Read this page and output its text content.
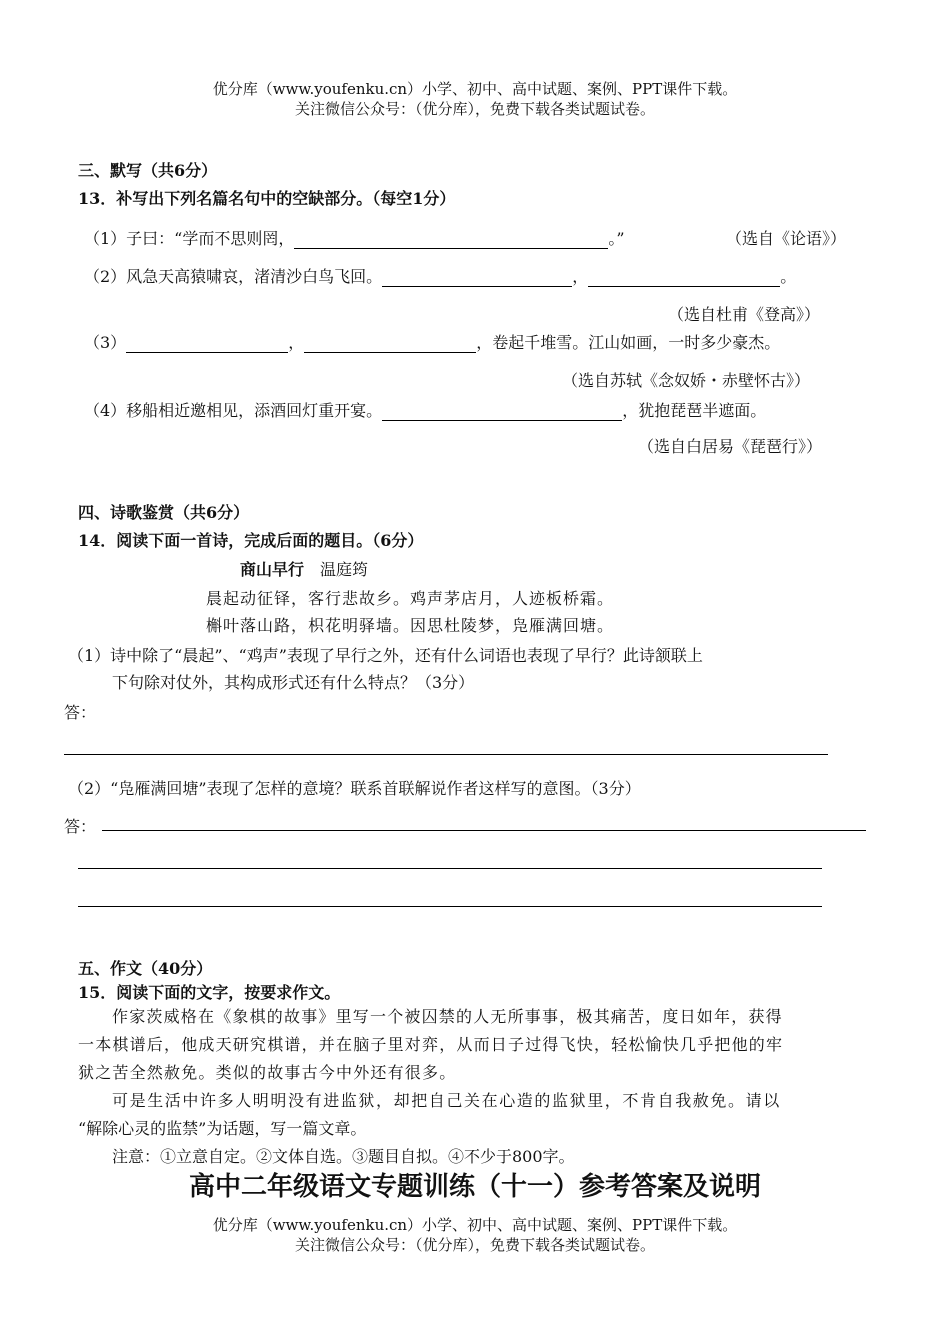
优分库（www.youfenku.cn）小学、初中、高中试题、案例、PPT课件下载。
关注微信公众号：（优分库），免费下载各类试题试卷。
三、默写（共6分）
13．补写出下列名篇名句中的空缺部分。（每空1分）
（1）子曰：“学而不思则罔，	。”	（选自《论语》）
（2）风急天高猿啸哀，渚清沙白鸟飞回。	，	。
（选自杜甫《登高》）
（3）	，	，卷起千堆雪。江山如画，一时多少豪杰。
（选自苏轼《念奴娇・赤壁怀古》）
（4）移船相近邀相见，添酒回灯重开宴。	，犹抱琵琶半遮面。
（选自白居易《琵琶行》）
四、诗歌鉴赏（共6分）
14．阅读下面一首诗，完成后面的题目。（6分）
商山早行 温庭筠
晨起动征铎，客行悲故乡。鸡声茅店月，人迹板桥霜。
槲叶落山路，枳花明驿墙。因思杜陵梦，凫雁满回塘。
（1）诗中除了“晨起”、“鸡声”表现了早行之外，还有什么词语也表现了早行？此诗颔联上
下句除对仗外，其构成形式还有什么特点？（3分）
答：
（2）“凫雁满回塘”表现了怎样的意境？联系首联解说作者这样写的意图。（3分）
答：
五、作文（40分）
15．阅读下面的文字，按要求作文。
作家茨威格在《象棋的故事》里写一个被囚禁的人无所事事，极其痛苦，度日如年，获得
一本棋谱后，他成天研究棋谱，并在脑子里对弈，从而日子过得飞快，轻松愉快几乎把他的牢
狱之苦全然赦免。类似的故事古今中外还有很多。
可是生活中许多人明明没有进监狱，却把自己关在心造的监狱里，不肯自我赦免。请以
“解除心灵的监禁”为话题，写一篇文章。
注意：①立意自定。②文体自选。③题目自拟。④不少于800字。
高中二年级语文专题训练（十一）参考答案及说明
优分库（www.youfenku.cn）小学、初中、高中试题、案例、PPT课件下载。
关注微信公众号：（优分库），免费下载各类试题试卷。
